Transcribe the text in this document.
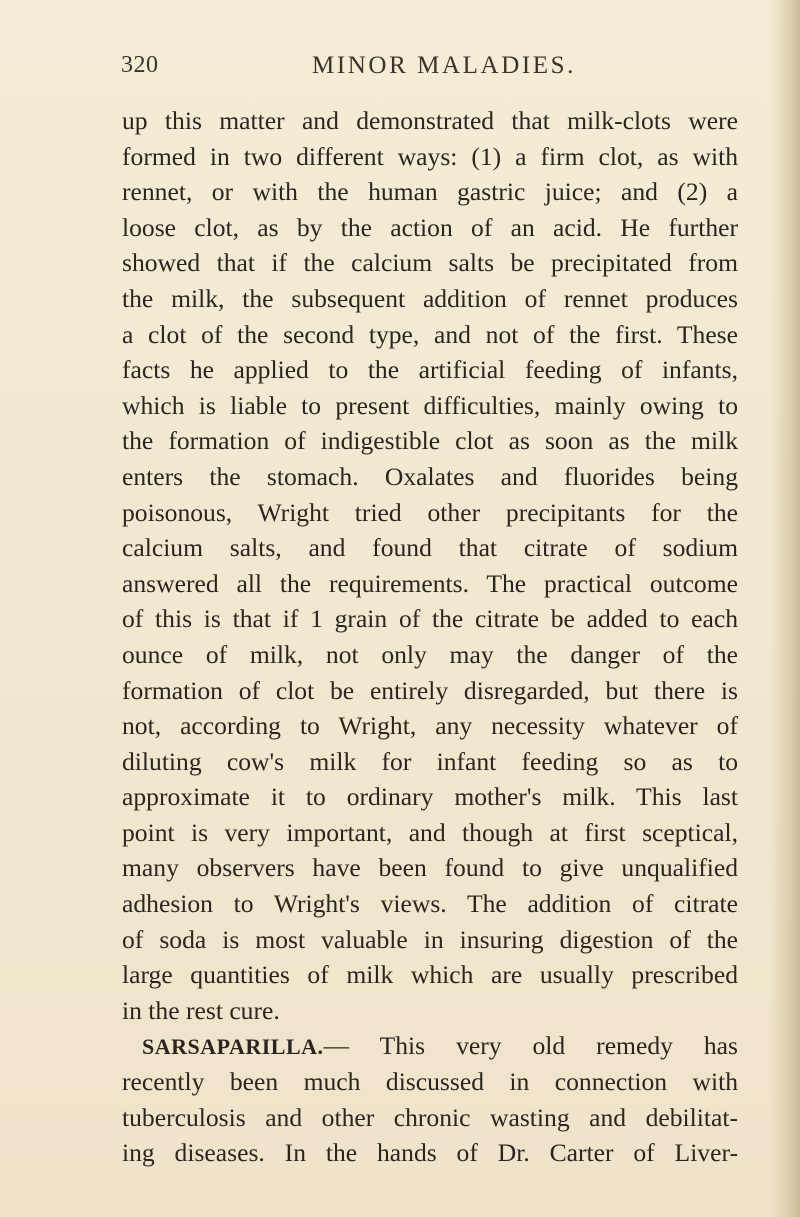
320	MINOR MALADIES.
up this matter and demonstrated that milk-clots were
formed in two different ways: (1) a firm clot, as with
rennet, or with the human gastric juice; and (2) a
loose clot, as by the action of an acid. He further
showed that if the calcium salts be precipitated from
the milk, the subsequent addition of rennet produces
a clot of the second type, and not of the first. These
facts he applied to the artificial feeding of infants,
which is liable to present difficulties, mainly owing to
the formation of indigestible clot as soon as the milk
enters the stomach. Oxalates and fluorides being
poisonous, Wright tried other precipitants for the
calcium salts, and found that citrate of sodium
answered all the requirements. The practical outcome
of this is that if 1 grain of the citrate be added to each
ounce of milk, not only may the danger of the
formation of clot be entirely disregarded, but there is
not, according to Wright, any necessity whatever of
diluting cow's milk for infant feeding so as to
approximate it to ordinary mother's milk. This last
point is very important, and though at first sceptical,
many observers have been found to give unqualified
adhesion to Wright's views. The addition of citrate
of soda is most valuable in insuring digestion of the
large quantities of milk which are usually prescribed
in the rest cure.
SARSAPARILLA.— This very old remedy has
recently been much discussed in connection with
tuberculosis and other chronic wasting and debilitat-
ing diseases. In the hands of Dr. Carter of Liver-
